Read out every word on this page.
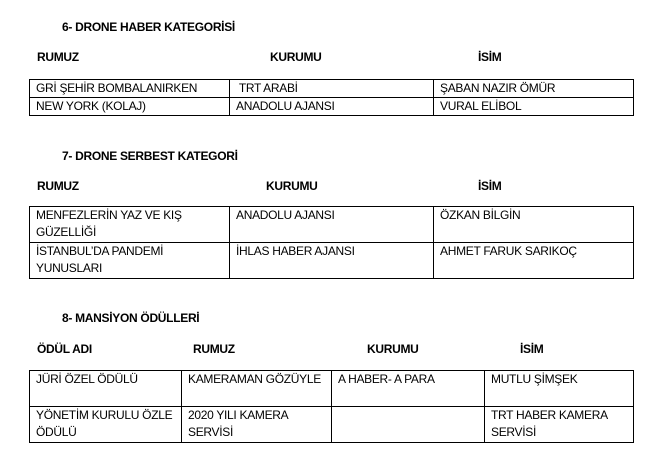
6- DRONE HABER KATEGORİSİ
RUMUZ	KURUMU	İSİM
GRİ ŞEHİR BOMBALANIRKEN	TRT ARABİ	ŞABAN NAZIR ÖMÜR
NEW YORK (KOLAJ)	ANADOLU AJANSI	VURAL ELİBOL
7- DRONE SERBEST KATEGORİ
RUMUZ	KURUMU	İSİM
MENFEZLERİN YAZ VE KIŞ GÜZELLİĞİ	ANADOLU AJANSI	ÖZKAN BİLGİN
İSTANBUL’DA PANDEMİ YUNUSLARI	İHLAS HABER AJANSI	AHMET FARUK SARIKOÇ
8- MANSİYON ÖDÜLLERİ
ÖDÜL ADI	RUMUZ	KURUMU	İSİM
JÜRİ ÖZEL ÖDÜLÜ	KAMERAMAN GÖZÜYLE	A HABER- A PARA	MUTLU ŞİMŞEK
YÖNETİM KURULU ÖZLE ÖDÜLÜ	2020 YILI KAMERA SERVİSİ		TRT HABER KAMERA SERVİSİ
